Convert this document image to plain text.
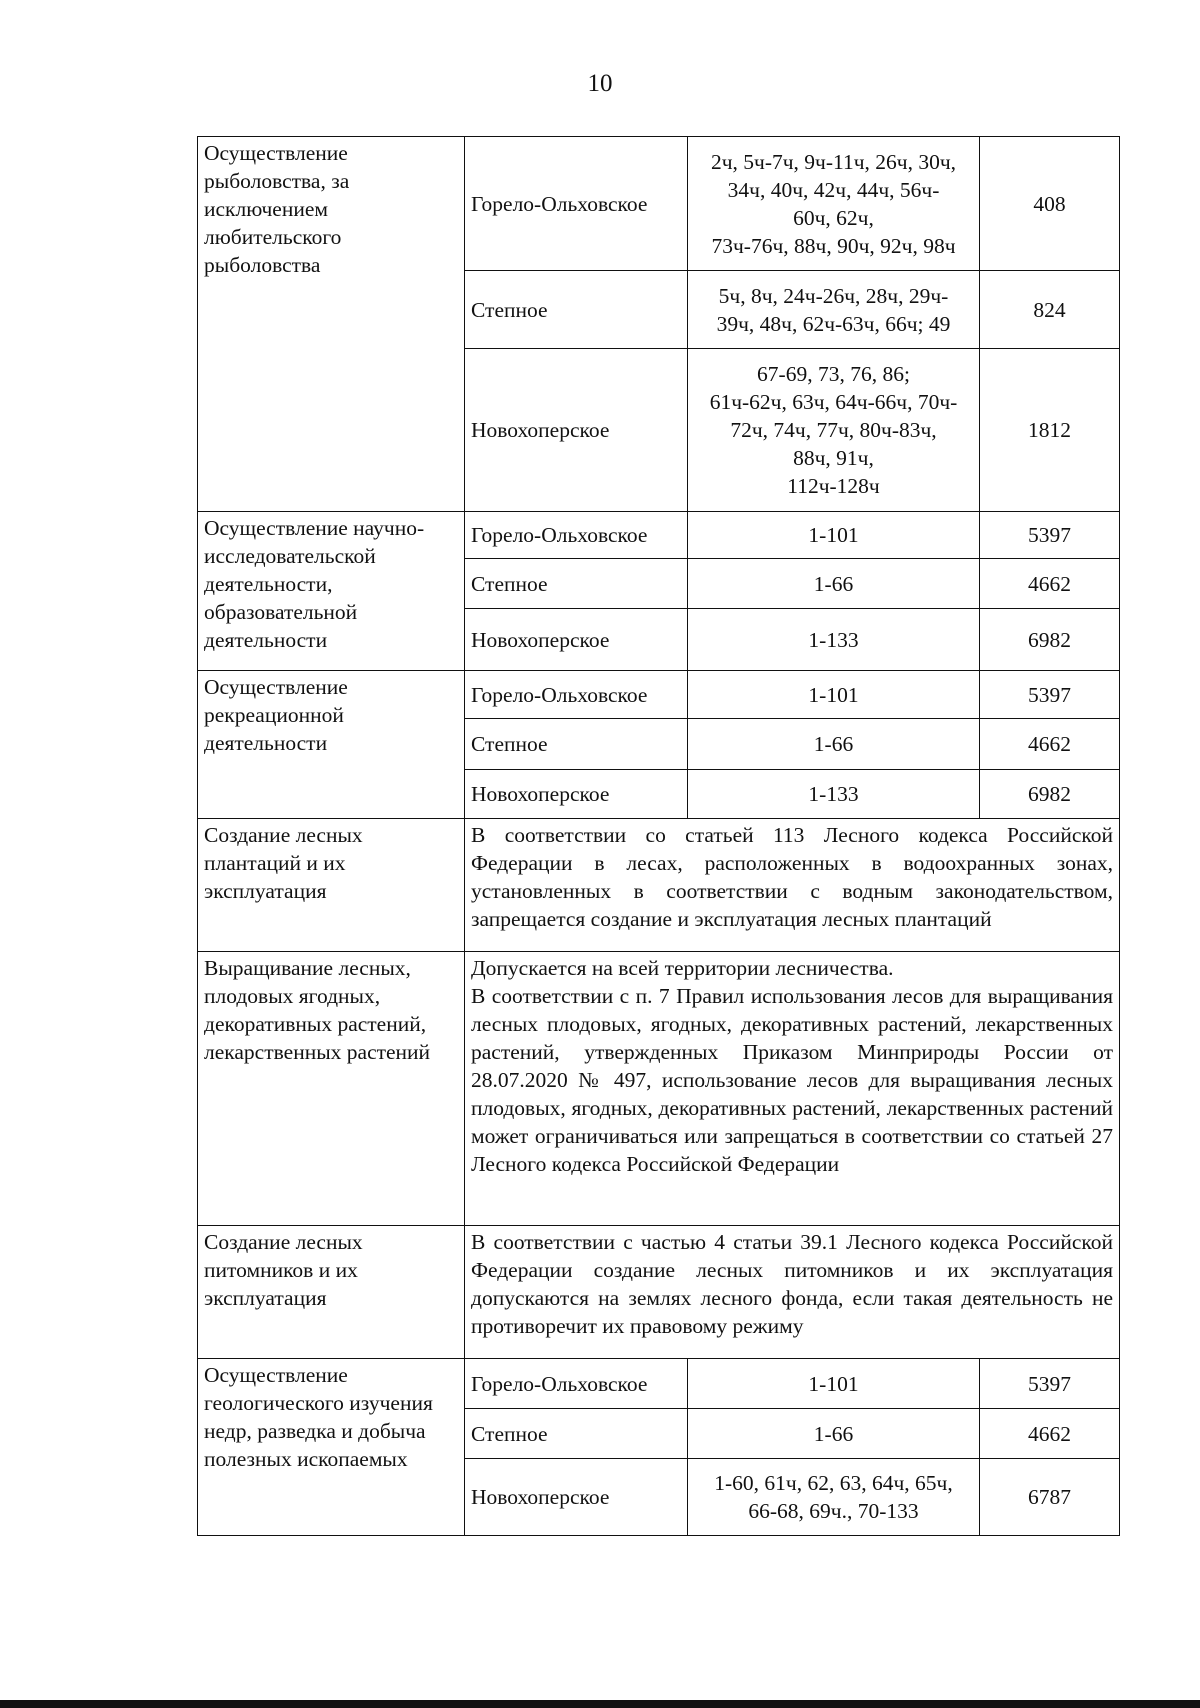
10
Осуществление рыболовства, за исключением любительского рыболовства	Горело-Ольховское	2ч, 5ч-7ч, 9ч-11ч, 26ч, 30ч,
34ч, 40ч, 42ч, 44ч, 56ч-
60ч, 62ч,
73ч-76ч, 88ч, 90ч, 92ч, 98ч	408
	Степное	5ч, 8ч, 24ч-26ч, 28ч, 29ч-
39ч, 48ч, 62ч-63ч, 66ч; 49	824
	Новохоперское	67-69, 73, 76, 86;
61ч-62ч, 63ч, 64ч-66ч, 70ч-
72ч, 74ч, 77ч, 80ч-83ч,
88ч, 91ч,
112ч-128ч	1812
Осуществление научно-исследовательской деятельности, образовательной деятельности	Горело-Ольховское	1-101	5397
	Степное	1-66	4662
	Новохоперское	1-133	6982
Осуществление рекреационной деятельности	Горело-Ольховское	1-101	5397
	Степное	1-66	4662
	Новохоперское	1-133	6982
Создание лесных плантаций и их эксплуатация	В соответствии со статьей 113 Лесного кодекса Российской Федерации в лесах, расположенных в водоохранных зонах, установленных в соответствии с водным законодательством, запрещается создание и эксплуатация лесных плантаций		

Выращивание лесных, плодовых ягодных, декоративных растений, лекарственных растений	Допускается на всей территории лесничества.

В соответствии с п. 7 Правил использования лесов для выращивания лесных плодовых, ягодных, декоративных растений, лекарственных растений, утвержденных Приказом Минприроды России от 28.07.2020 № 497, использование лесов для выращивания лесных плодовых, ягодных, декоративных растений, лекарственных растений может ограничиваться или запрещаться в соответствии со статьей 27 Лесного кодекса Российской Федерации		

Создание лесных питомников и их эксплуатация	В соответствии с частью 4 статьи 39.1 Лесного кодекса Российской Федерации создание лесных питомников и их эксплуатация допускаются на землях лесного фонда, если такая деятельность не противоречит их правовому режиму		

Осуществление геологического изучения недр, разведка и добыча полезных ископаемых	Горело-Ольховское	1-101	5397
	Степное	1-66	4662
	Новохоперское	1-60, 61ч, 62, 63, 64ч, 65ч,
66-68, 69ч., 70-133	6787
